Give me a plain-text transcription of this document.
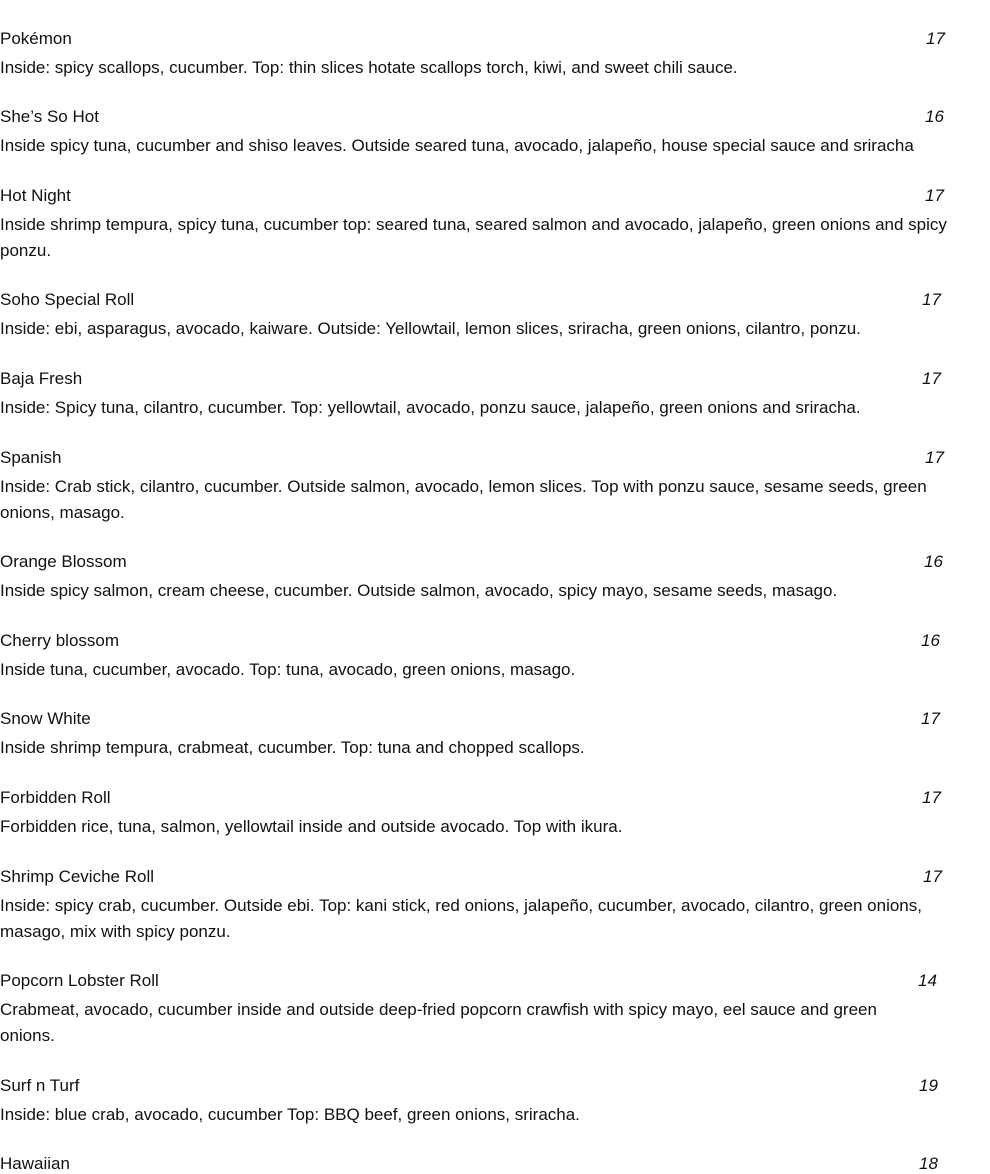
Pokémon	17
Inside: spicy scallops, cucumber. Top: thin slices hotate scallops torch, kiwi, and sweet chili sauce.
She’s So Hot	16
Inside spicy tuna, cucumber and shiso leaves. Outside seared tuna, avocado, jalapeño, house special sauce and sriracha
Hot Night	17
Inside shrimp tempura, spicy tuna, cucumber top: seared tuna, seared salmon and avocado, jalapeño, green onions and spicy ponzu.
Soho Special Roll	17
Inside: ebi, asparagus, avocado, kaiware. Outside: Yellowtail, lemon slices, sriracha, green onions, cilantro, ponzu.
Baja Fresh	17
Inside: Spicy tuna, cilantro, cucumber. Top: yellowtail, avocado, ponzu sauce, jalapeño, green onions and sriracha.
Spanish	17
Inside: Crab stick, cilantro, cucumber. Outside salmon, avocado, lemon slices. Top with ponzu sauce, sesame seeds, green onions, masago.
Orange Blossom	16
Inside spicy salmon, cream cheese, cucumber. Outside salmon, avocado, spicy mayo, sesame seeds, masago.
Cherry blossom	16
Inside tuna, cucumber, avocado. Top: tuna, avocado, green onions, masago.
Snow White	17
Inside shrimp tempura, crabmeat, cucumber. Top: tuna and chopped scallops.
Forbidden Roll	17
Forbidden rice, tuna, salmon, yellowtail inside and outside avocado. Top with ikura.
Shrimp Ceviche Roll	17
Inside: spicy crab, cucumber. Outside ebi. Top: kani stick, red onions, jalapeño, cucumber, avocado, cilantro, green onions, masago, mix with spicy ponzu.
Popcorn Lobster Roll	14
Crabmeat, avocado, cucumber inside and outside deep-fried popcorn crawfish with spicy mayo, eel sauce and green onions.
Surf n Turf	19
Inside: blue crab, avocado, cucumber Top: BBQ beef, green onions, sriracha.
Hawaiian	18
